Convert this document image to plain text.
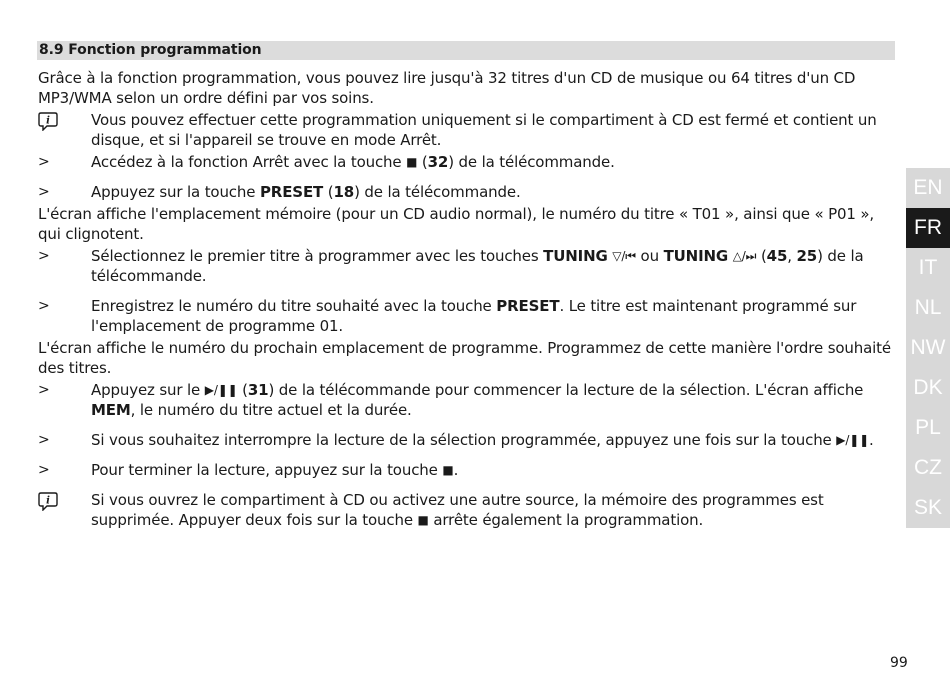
8.9 Fonction programmation

Grâce à la fonction programmation, vous pouvez lire jusqu'à 32 titres d'un CD de musique ou 64 titres d'un CD MP3/WMA selon un ordre défini par vos soins.

i	Vous pouvez effectuer cette programmation uniquement si le compartiment à CD est fermé et contient un disque, et si l'appareil se trouve en mode Arrêt.
>	Accédez à la fonction Arrêt avec la touche ■ (32) de la télécommande.
>	Appuyez sur la touche PRESET (18) de la télécommande.

L'écran affiche l'emplacement mémoire (pour un CD audio normal), le numéro du titre « T01 », ainsi que « P01 », qui clignotent.

>	Sélectionnez le premier titre à programmer avec les touches TUNING ▽/⏮ ou TUNING △/⏭ (45, 25) de la télécommande.
>	Enregistrez le numéro du titre souhaité avec la touche PRESET. Le titre est maintenant programmé sur l'emplacement de programme 01.

L'écran affiche le numéro du prochain emplacement de programme. Programmez de cette manière l'ordre souhaité des titres.

>	Appuyez sur le ▶/❚❚ (31) de la télécommande pour commencer la lecture de la sélection. L'écran affiche MEM, le numéro du titre actuel et la durée.
>	Si vous souhaitez interrompre la lecture de la sélection programmée, appuyez une fois sur la touche ▶/❚❚.
>	Pour terminer la lecture, appuyez sur la touche ■.
i	Si vous ouvrez le compartiment à CD ou activez une autre source, la mémoire des programmes est supprimée. Appuyer deux fois sur la touche ■ arrête également la programmation.
EN
FR
IT
NL
NW
DK
PL
CZ
SK
99
